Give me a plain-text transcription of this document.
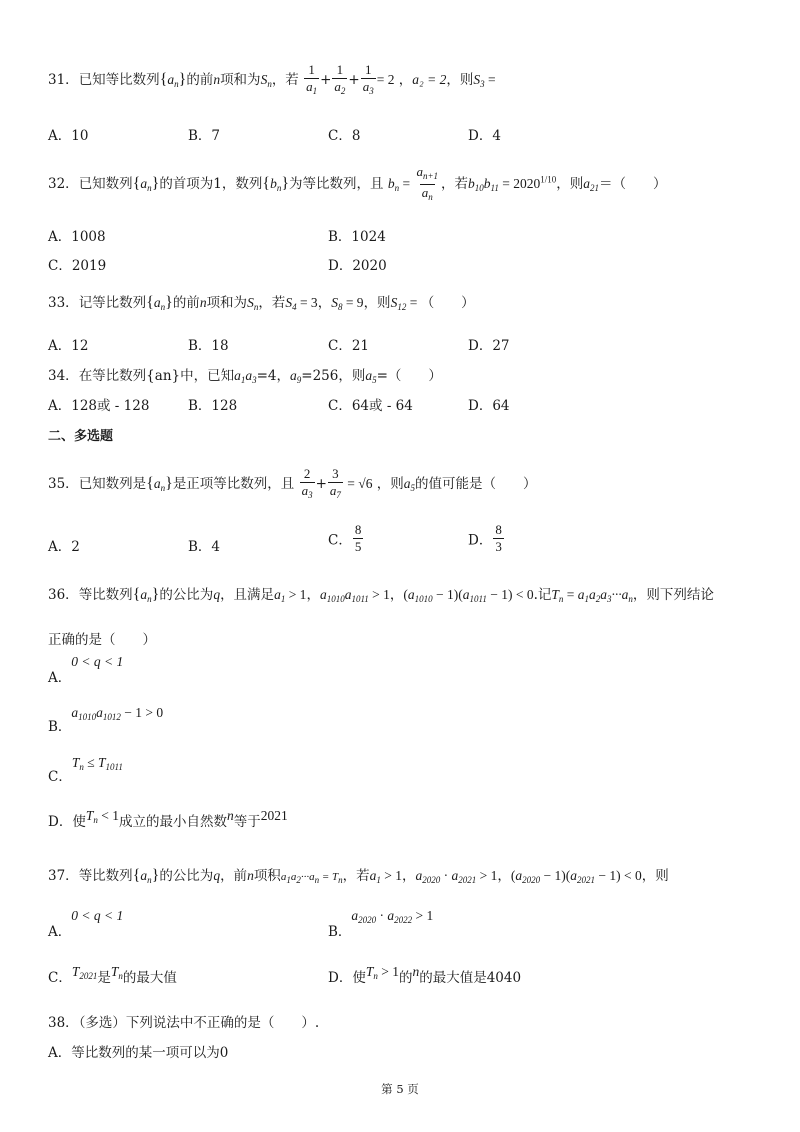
31．已知等比数列$\{a_n\}$的前n项和为$S_n$，若 $\frac{1}{a_1} + \frac{1}{a_2} + \frac{1}{a_3} = 2$ ，a₂ = 2，则$S_3$ =
A．10	B．7	C．8	D．4
32．已知数列$\{a_n\}$的首项为1，数列$\{b_n\}$为等比数列，且 $b_n = \frac{a_{n+1}}{a_n}$ ，若$b_{10}b_{11} = 2020^{1/10}$，则$a_{21}=$（　　）
A．1008	B．1024
C．2019	D．2020
33．记等比数列$\{a_n\}$的前n项和为$S_n$，若$S_4 = 3$，$S_8 = 9$，则$S_{12}$ = （　　）
A．12	B．18	C．21	D．27
34．在等比数列{an}中，已知$a_1a_3=4$，$a_9=256$，则$a_5=$（　　）
A．128或 - 128	B．128	C．64或 - 64	D．64
二、多选题
35．已知数列是$\{a_n\}$是正项等比数列，且 $\frac{2}{a_3} + \frac{3}{a_7} = √6$ ，则$a_5$的值可能是（　　）
A．2	B．4	C． $\frac{8}{5}$	D． $\frac{8}{3}$
36．等比数列$\{a_n\}$的公比为q，且满足$a_1 > 1$，$a_{1010}a_{1011} > 1$，$(a_{1010} - 1)(a_{1011} - 1) < 0$.记$T_n = a_1a_2a_3\cdot\cdot\cdot a_n$，则下列结论
正确的是（　　）
A．0 < q < 1
B．$a_{1010}a_{1012} - 1 > 0$
C．$T_n \le T_{1011}$
D．使$T_n < 1$成立的最小自然数n等于2021
37．等比数列$\{a_n\}$的公比为q，前n项积$a_1a_2\cdot\cdot\cdot a_n = T_n$，若$a_1 > 1$，$a_{2020} \cdot a_{2021} > 1$，$(a_{2020} - 1)(a_{2021} - 1) < 0$，则
A．0 < q < 1
B．$a_{2020} \cdot a_{2022} > 1$
C．$T_{2021}$是$T_n$的最大值	D．使$T_n > 1$的n的最大值是4040
38．（多选）下列说法中不正确的是（　　）.
A．等比数列的某一项可以为0
第 5 页
